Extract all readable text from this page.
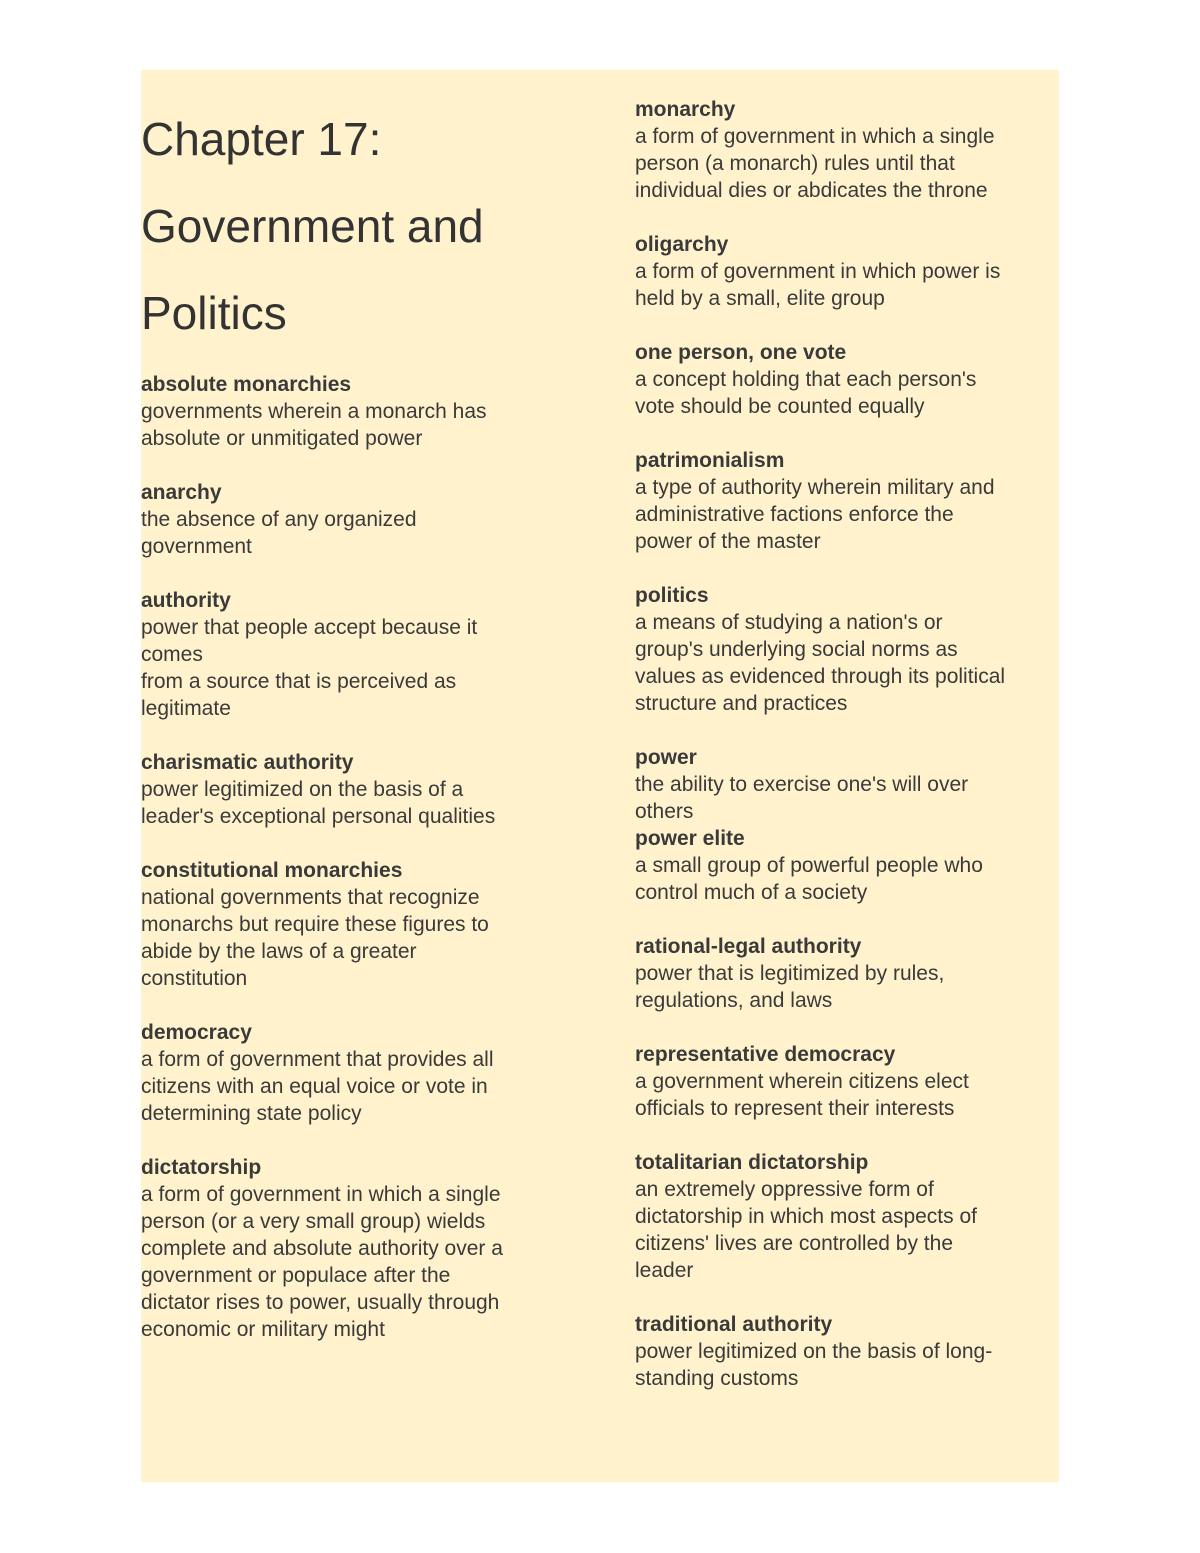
Chapter 17:
Government and
Politics
absolute monarchies
governments wherein a monarch has
absolute or unmitigated power
anarchy
the absence of any organized
government
authority
power that people accept because it
comes
from a source that is perceived as
legitimate
charismatic authority
power legitimized on the basis of a
leader's exceptional personal qualities
constitutional monarchies
national governments that recognize
monarchs but require these figures to
abide by the laws of a greater
constitution
democracy
a form of government that provides all
citizens with an equal voice or vote in
determining state policy
dictatorship
a form of government in which a single
person (or a very small group) wields
complete and absolute authority over a
government or populace after the
dictator rises to power, usually through
economic or military might
monarchy
a form of government in which a single
person (a monarch) rules until that
individual dies or abdicates the throne
oligarchy
a form of government in which power is
held by a small, elite group
one person, one vote
a concept holding that each person's
vote should be counted equally
patrimonialism
a type of authority wherein military and
administrative factions enforce the
power of the master
politics
a means of studying a nation's or
group's underlying social norms as
values as evidenced through its political
structure and practices
power
the ability to exercise one's will over
others
power elite
a small group of powerful people who
control much of a society
rational-legal authority
power that is legitimized by rules,
regulations, and laws
representative democracy
a government wherein citizens elect
officials to represent their interests
totalitarian dictatorship
an extremely oppressive form of
dictatorship in which most aspects of
citizens' lives are controlled by the
leader
traditional authority
power legitimized on the basis of long-
standing customs
